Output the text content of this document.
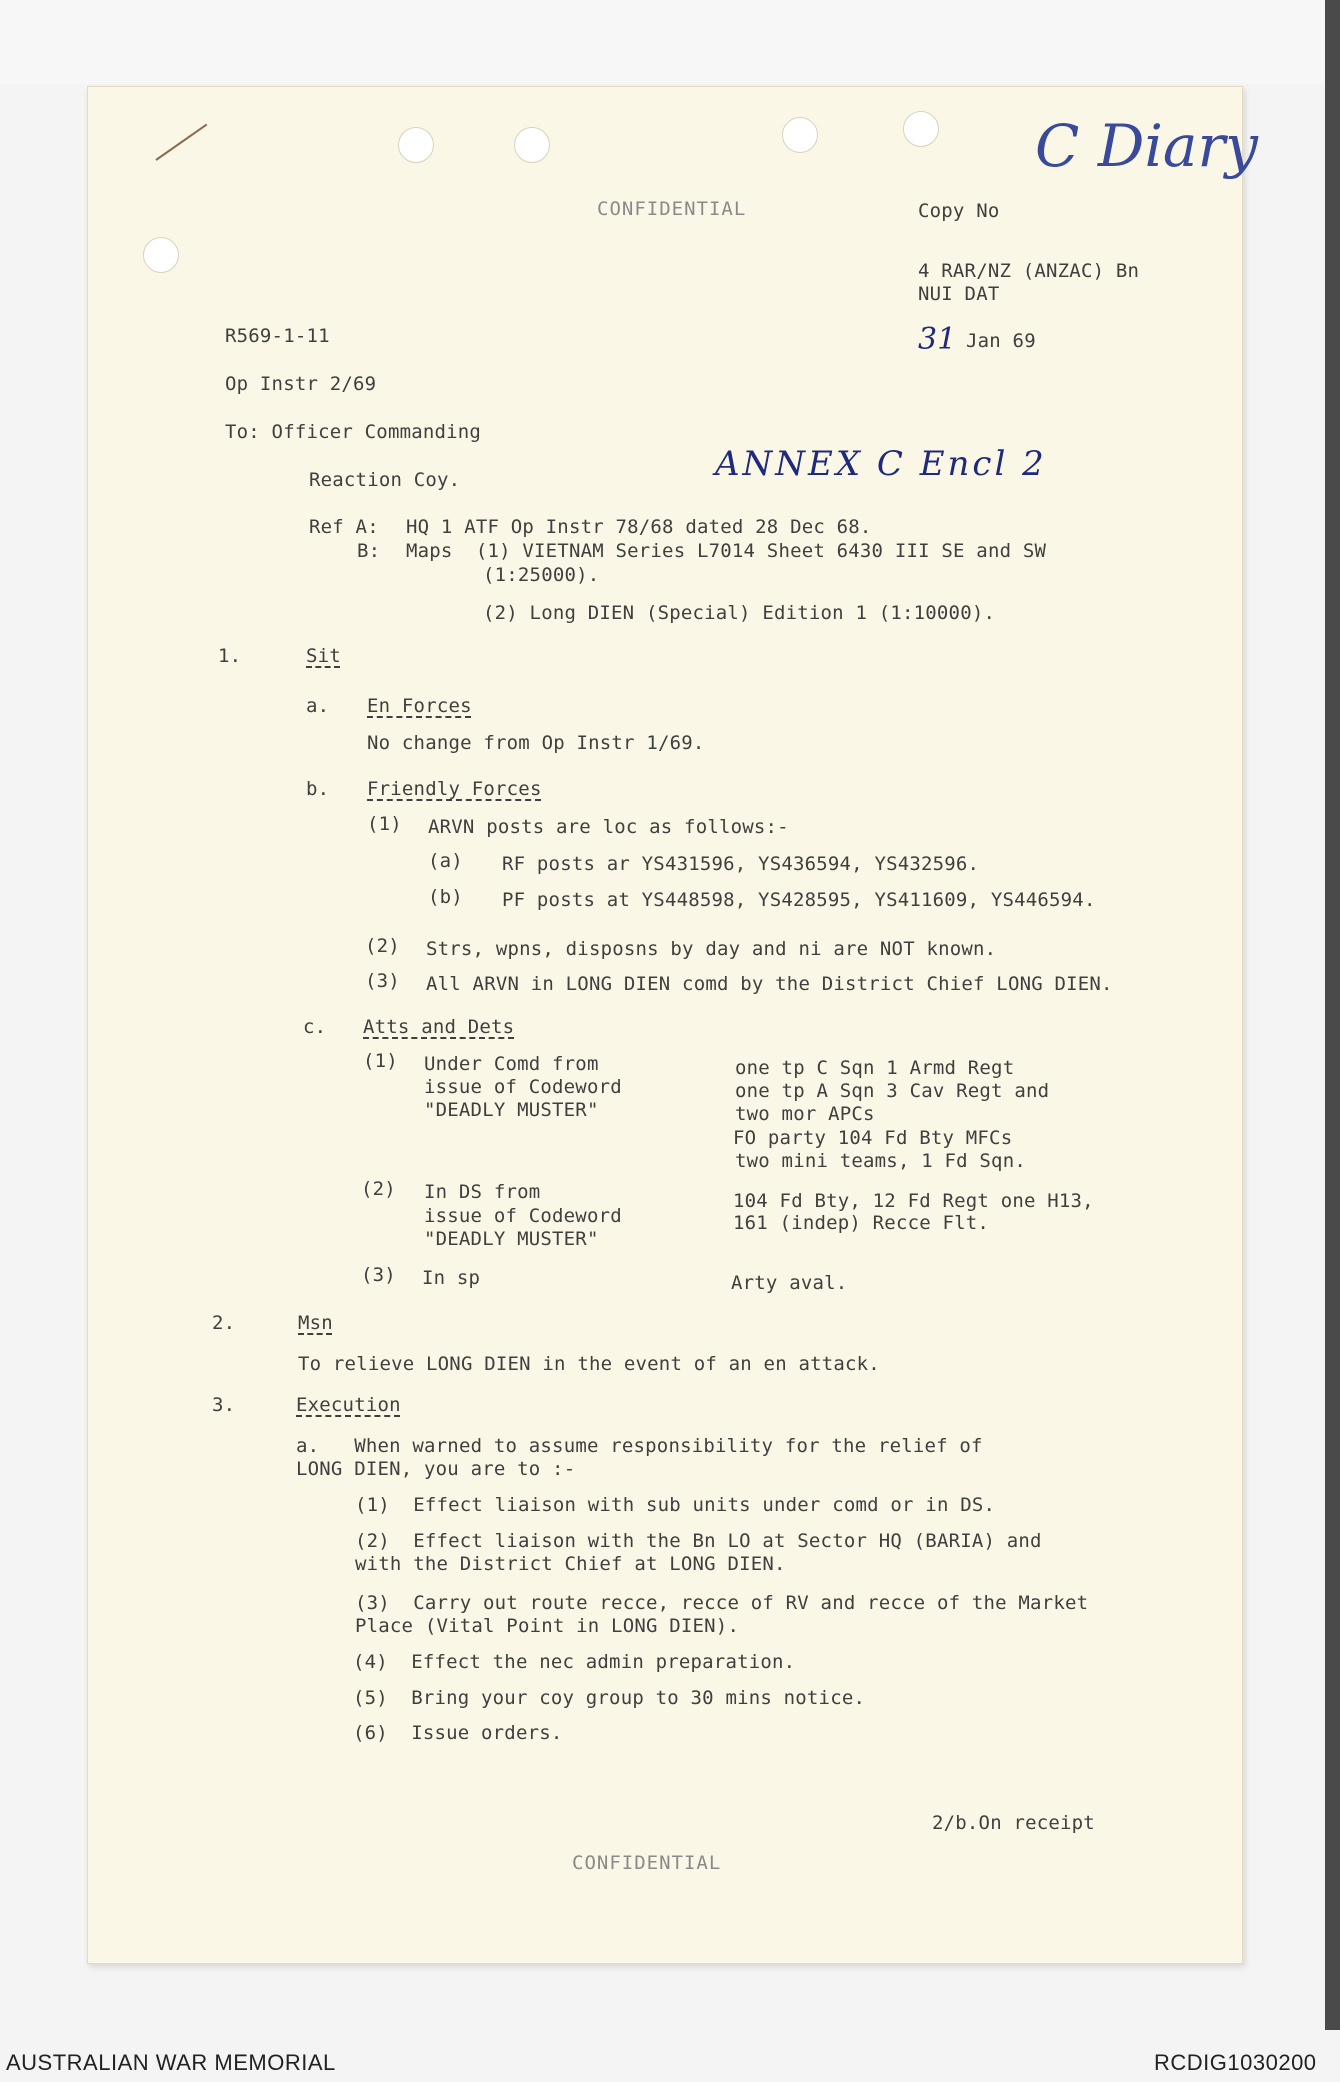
C Diary
ANNEX C Encl 2
31
CONFIDENTIAL	Copy No
4 RAR/NZ (ANZAC) Bn
NUI DAT
Jan 69
R569-1-11
Op Instr 2/69
To: Officer Commanding
Reaction Coy.
Ref A: HQ 1 ATF Op Instr 78/68 dated 28 Dec 68.
B: Maps  (1) VIETNAM Series L7014 Sheet 6430 III SE and SW
(1:25000).
(2) Long DIEN (Special) Edition 1 (1:10000).
1.	Sit
a. En Forces
No change from Op Instr 1/69.
b. Friendly Forces
(1) ARVN posts are loc as follows:-
(a) RF posts ar YS431596, YS436594, YS432596.
(b) PF posts at YS448598, YS428595, YS411609, YS446594.
(2) Strs, wpns, disposns by day and ni are NOT known.
(3) All ARVN in LONG DIEN comd by the District Chief LONG DIEN.
c. Atts and Dets
(1) Under Comd from
issue of Codeword
"DEADLY MUSTER"
one tp C Sqn 1 Armd Regt
one tp A Sqn 3 Cav Regt and
two mor APCs
FO party 104 Fd Bty MFCs
two mini teams, 1 Fd Sqn.
(2) In DS from
issue of Codeword
"DEADLY MUSTER"
104 Fd Bty, 12 Fd Regt one H13,
161 (indep) Recce Flt.
(3) In sp	Arty aval.
2.	Msn
To relieve LONG DIEN in the event of an en attack.
3.	Execution
a.   When warned to assume responsibility for the relief of
LONG DIEN, you are to :-
(1)  Effect liaison with sub units under comd or in DS.
(2)  Effect liaison with the Bn LO at Sector HQ (BARIA) and
with the District Chief at LONG DIEN.
(3)  Carry out route recce, recce of RV and recce of the Market
Place (Vital Point in LONG DIEN).
(4)  Effect the nec admin preparation.
(5)  Bring your coy group to 30 mins notice.
(6)  Issue orders.
2/b.On receipt
CONFIDENTIAL
AUSTRALIAN WAR MEMORIAL	RCDIG1030200
